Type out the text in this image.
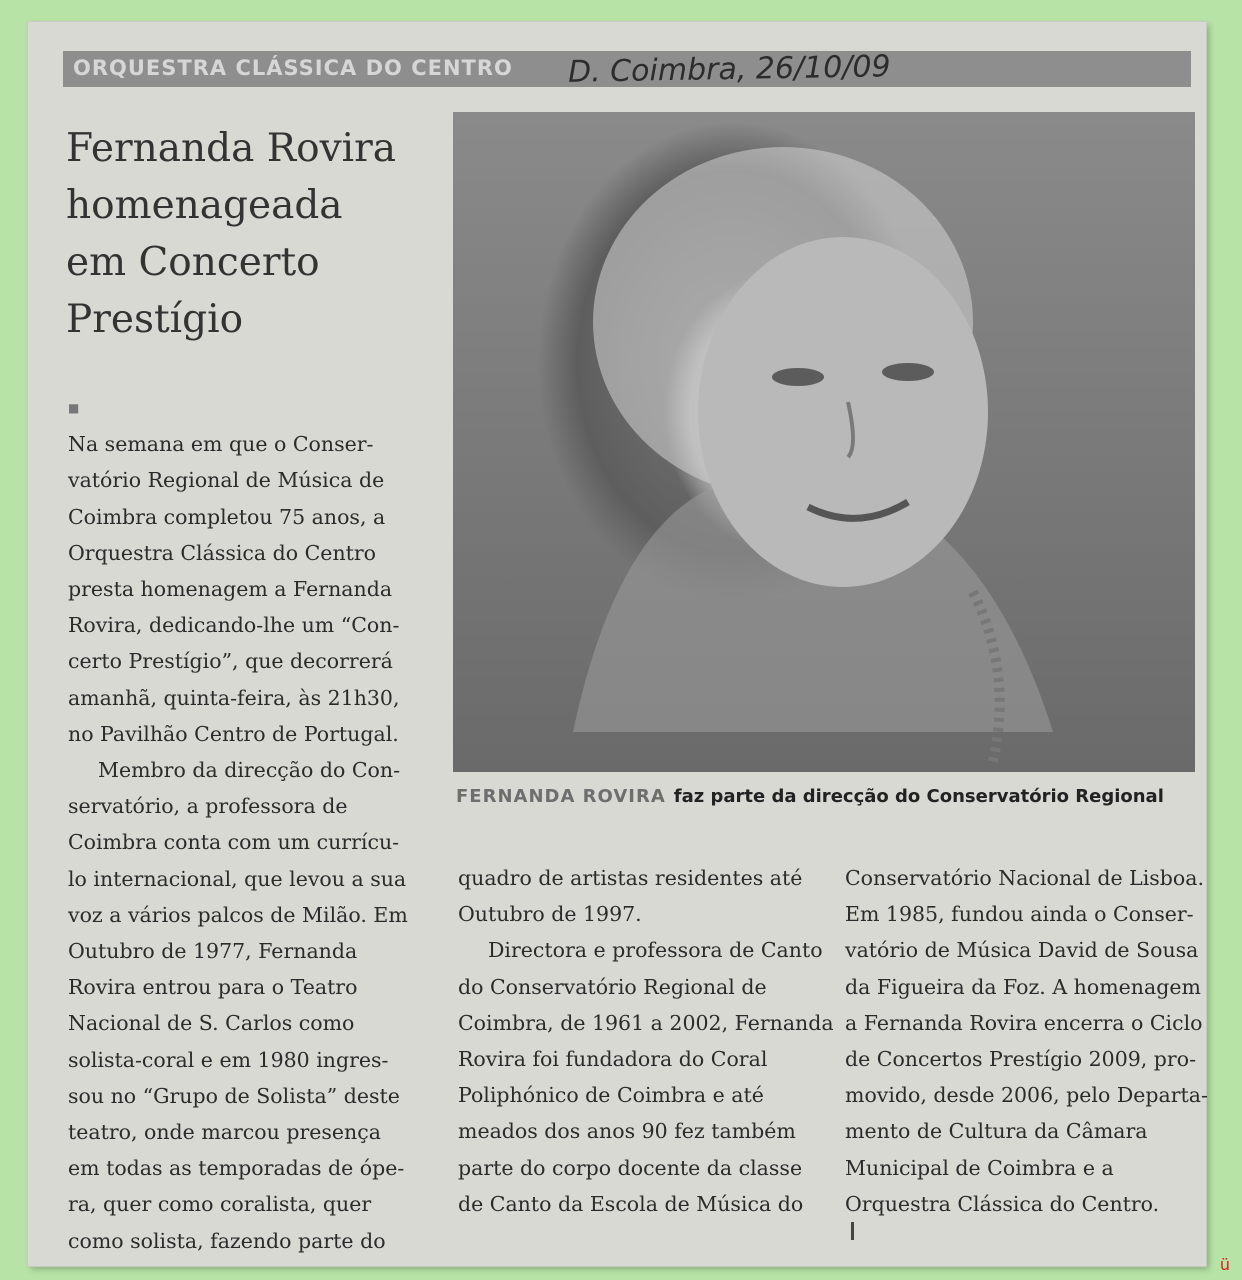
ORQUESTRA CLÁSSICA DO CENTRO D. Coimbra, 26/10/09
Fernanda Rovira
homenageada
em Concerto
Prestígio
FERNANDA ROVIRA faz parte da direcção do Conservatório Regional
■
Na semana em que o Conser-
vatório Regional de Música de
Coimbra completou 75 anos, a
Orquestra Clássica do Centro
presta homenagem a Fernanda
Rovira, dedicando-lhe um “Con-
certo Prestígio”, que decorrerá
amanhã, quinta-feira, às 21h30,
no Pavilhão Centro de Portugal.
Membro da direcção do Con-
servatório, a professora de
Coimbra conta com um currícu-
lo internacional, que levou a sua
voz a vários palcos de Milão. Em
Outubro de 1977, Fernanda
Rovira entrou para o Teatro
Nacional de S. Carlos como
solista-coral e em 1980 ingres-
sou no “Grupo de Solista” deste
teatro, onde marcou presença
em todas as temporadas de ópe-
ra, quer como coralista, quer
como solista, fazendo parte do
quadro de artistas residentes até
Outubro de 1997.
Directora e professora de Canto
do Conservatório Regional de
Coimbra, de 1961 a 2002, Fernanda
Rovira foi fundadora do Coral
Poliphónico de Coimbra e até
meados dos anos 90 fez também
parte do corpo docente da classe
de Canto da Escola de Música do
Conservatório Nacional de Lisboa.
Em 1985, fundou ainda o Conser-
vatório de Música David de Sousa
da Figueira da Foz. A homenagem
a Fernanda Rovira encerra o Ciclo
de Concertos Prestígio 2009, pro-
movido, desde 2006, pelo Departa-
mento de Cultura da Câmara
Municipal de Coimbra e a
Orquestra Clássica do Centro.
ü
